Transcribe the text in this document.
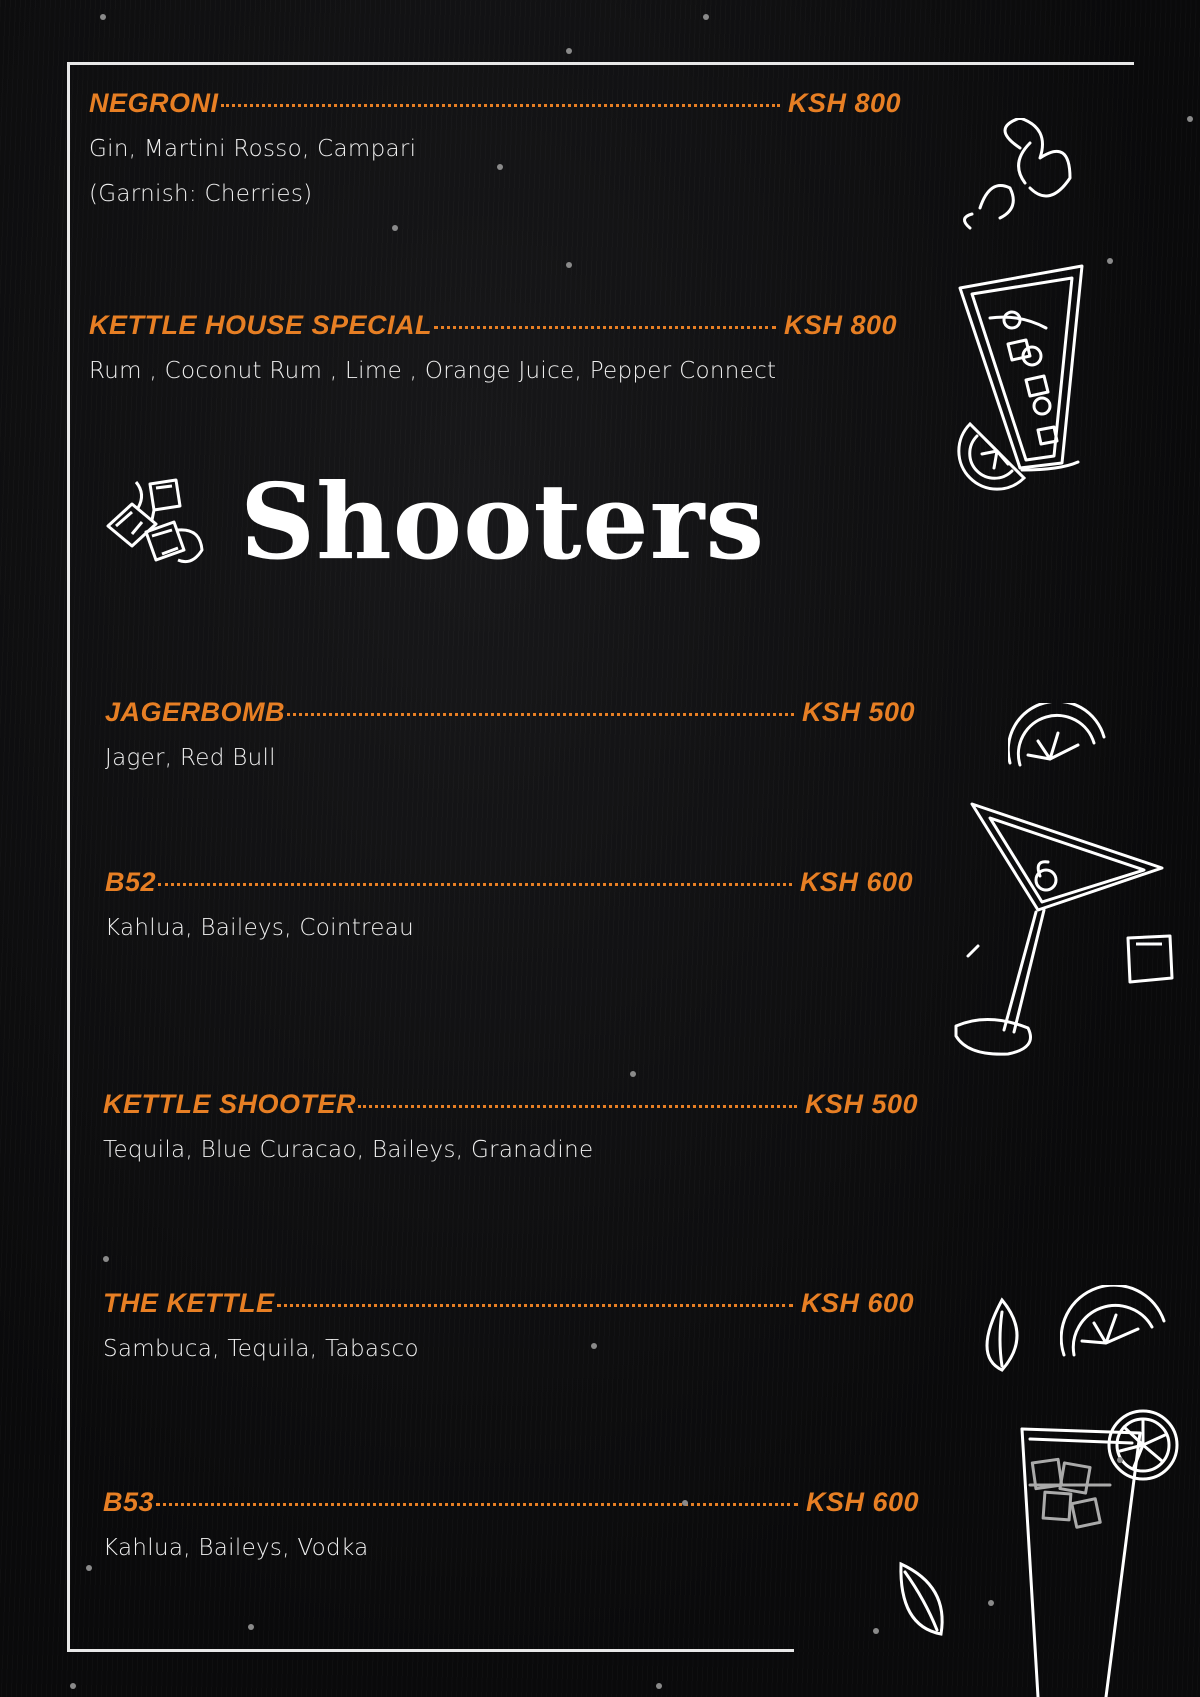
NEGRONI	KSH 800
Gin, Martini Rosso, Campari
(Garnish: Cherries)
KETTLE HOUSE SPECIAL	KSH 800
Rum , Coconut Rum , Lime , Orange Juice, Pepper Connect
Shooters
JAGERBOMB	KSH 500
Jager, Red Bull
B52	KSH 600
Kahlua, Baileys, Cointreau
KETTLE SHOOTER	KSH 500
Tequila, Blue Curacao, Baileys, Granadine
THE KETTLE	KSH 600
Sambuca, Tequila, Tabasco
B53	KSH 600
Kahlua, Baileys, Vodka
